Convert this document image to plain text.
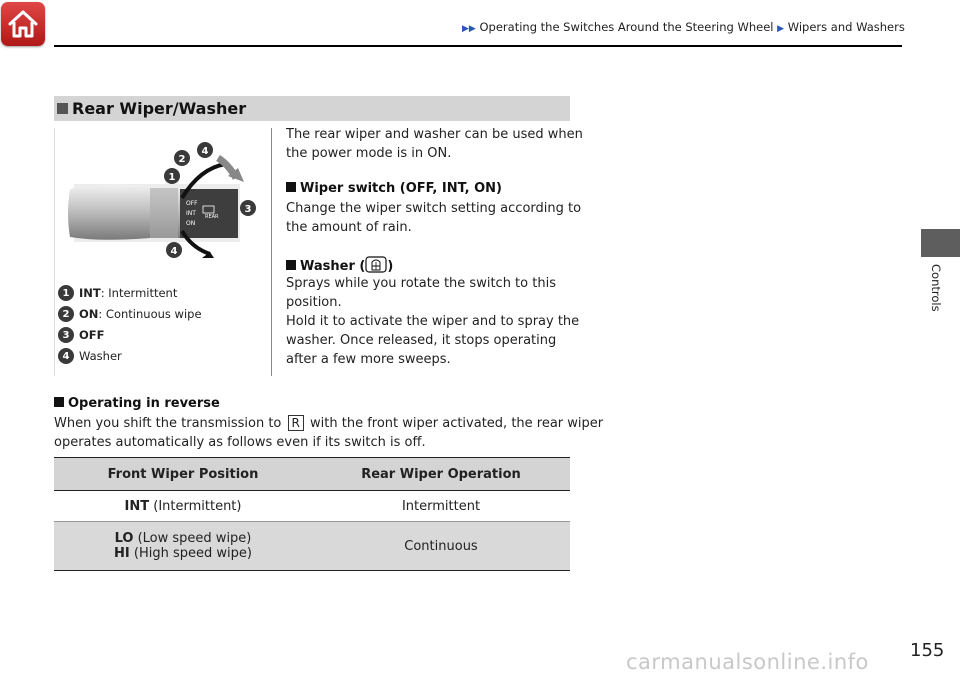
▶▶ Operating the Switches Around the Steering Wheel ▶ Wipers and Washers
Controls
Rear Wiper/Washer
OFF
INT
ON
REAR
1
2
3
4
4
1 INT : Intermittent
2 ON : Continuous wipe
3 OFF
4 Washer
The rear wiper and washer can be used when
the power mode is in ON.
Wiper switch (OFF, INT, ON)
Change the wiper switch setting according to
the amount of rain.
Washer ( )
Sprays while you rotate the switch to this
position.
Hold it to activate the wiper and to spray the
washer. Once released, it stops operating
after a few more sweeps.
Operating in reverse
When you shift the transmission to R with the front wiper activated, the rear wiper
operates automatically as follows even if its switch is off.
Front Wiper Position	Rear Wiper Operation
INT (Intermittent)	Intermittent

LO (Low speed wipe)
HI (High speed wipe)	Continuous
carmanualsonline.info 155
